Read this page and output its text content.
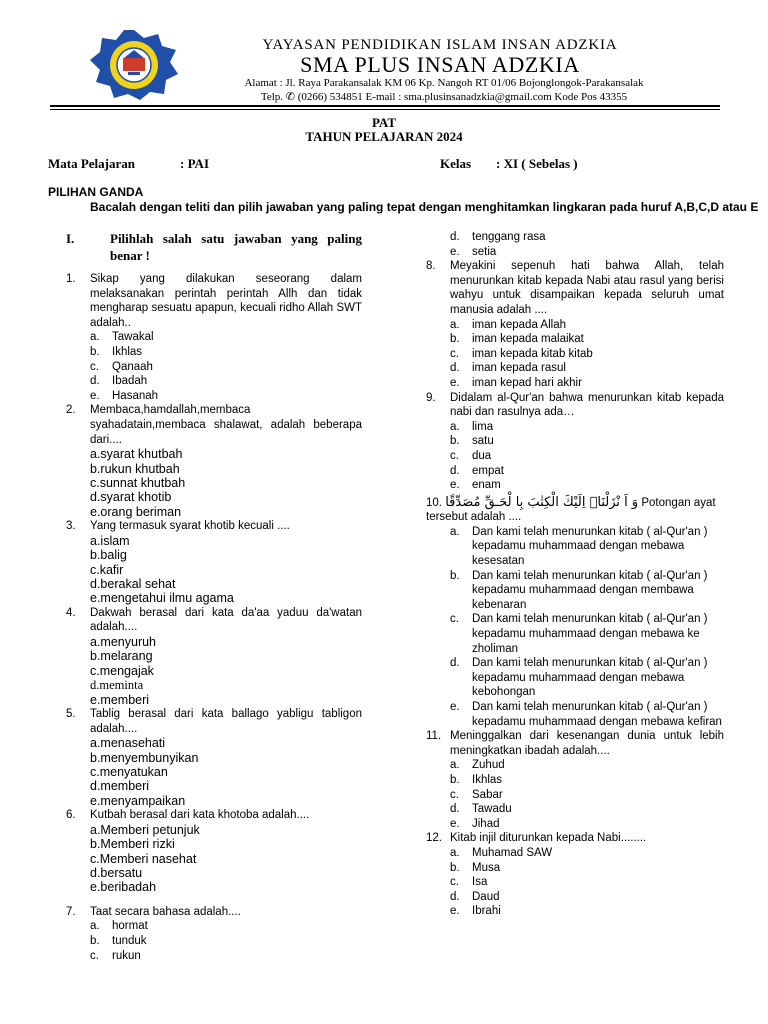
YAYASAN PENDIDIKAN ISLAM INSAN ADZKIA
SMA PLUS INSAN ADZKIA
Alamat : Jl. Raya Parakansalak KM 06 Kp. Nangoh RT 01/06 Bojonglongok-Parakansalak
Telp. ✆ (0266) 534851 E-mail : sma.plusinsanadzkia@gmail.com Kode Pos 43355
PAT
TAHUN PELAJARAN 2024
Mata Pelajaran	: PAI	Kelas : XI ( Sebelas )
PILIHAN GANDA
Bacalah dengan teliti dan pilih jawaban yang paling tepat dengan menghitamkan lingkaran pada huruf A,B,C,D atau E
I.	Pilihlah salah satu jawaban yang paling benar !
1.	Sikap yang dilakukan seseorang dalam melaksanakan perintah perintah Allh dan tidak mengharap sesuatu apapun, kecuali ridho Allah SWT adalah..
a.	Tawakal
b.	Ikhlas
c.	Qanaah
d.	Ibadah
e.	Hasanah
2.	Membaca,hamdallah,membaca syahadatain,membaca shalawat, adalah beberapa dari....
a.syarat khutbah
b.rukun khutbah
c.sunnat khutbah
d.syarat khotib
e.orang beriman
3.	Yang termasuk syarat khotib kecuali ....
a.islam
b.balig
c.kafir
d.berakal sehat
e.mengetahui ilmu agama
4.	Dakwah berasal dari kata da'aa yaduu da'watan adalah....
a.menyuruh
b.melarang
c.mengajak
d.meminta
e.memberi
5.	Tablig berasal dari kata ballago yabligu tabligon adalah....
a.menasehati
b.menyembunyikan
c.menyatukan
d.memberi
e.menyampaikan
6.	Kutbah berasal dari kata khotoba adalah....
a.Memberi petunjuk
b.Memberi rizki
c.Memberi nasehat
d.bersatu
e.beribadah
7.	Taat secara bahasa adalah....
a.	hormat
b.	tunduk
c.	rukun
d.	tenggang rasa
e.	setia
8.	Meyakini sepenuh hati bahwa Allah, telah menurunkan kitab kepada Nabi atau rasul yang berisi wahyu untuk disampaikan kepada seluruh umat manusia adalah ....
a.	iman kepada Allah
b.	iman kepada malaikat
c.	iman kepada kitab kitab
d.	iman kepada rasul
e.	iman kepad hari akhir
9.	Didalam al-Qur'an bahwa menurunkan kitab kepada nabi dan rasulnya ada…
a.	lima
b.	satu
c.	dua
d.	empat
e.	enam
10. وَ اَ نْزَلْنَاۤ اِلَيْكَ الْكِتٰبَ بِا لْحَـقِّ مُصَدِّقًا Potongan ayat tersebut adalah ....
a.	Dan kami telah menurunkan kitab ( al-Qur'an ) kepadamu muhammaad dengan mebawa kesesatan
b.	Dan kami telah menurunkan kitab ( al-Qur'an ) kepadamu muhammaad dengan membawa kebenaran
c.	Dan kami telah menurunkan kitab ( al-Qur'an ) kepadamu muhammaad dengan mebawa ke zholiman
d.	Dan kami telah menurunkan kitab ( al-Qur'an ) kepadamu muhammaad dengan mebawa kebohongan
e.	Dan kami telah menurunkan kitab ( al-Qur'an ) kepadamu muhammaad dengan mebawa kefiran
11. Meninggalkan dari kesenangan dunia untuk lebih meningkatkan ibadah adalah....
a.	Zuhud
b.	Ikhlas
c.	Sabar
d.	Tawadu
e.	Jihad
12. Kitab injil diturunkan kepada Nabi........
a.	Muhamad SAW
b.	Musa
c.	Isa
d.	Daud
e.	Ibrahi
